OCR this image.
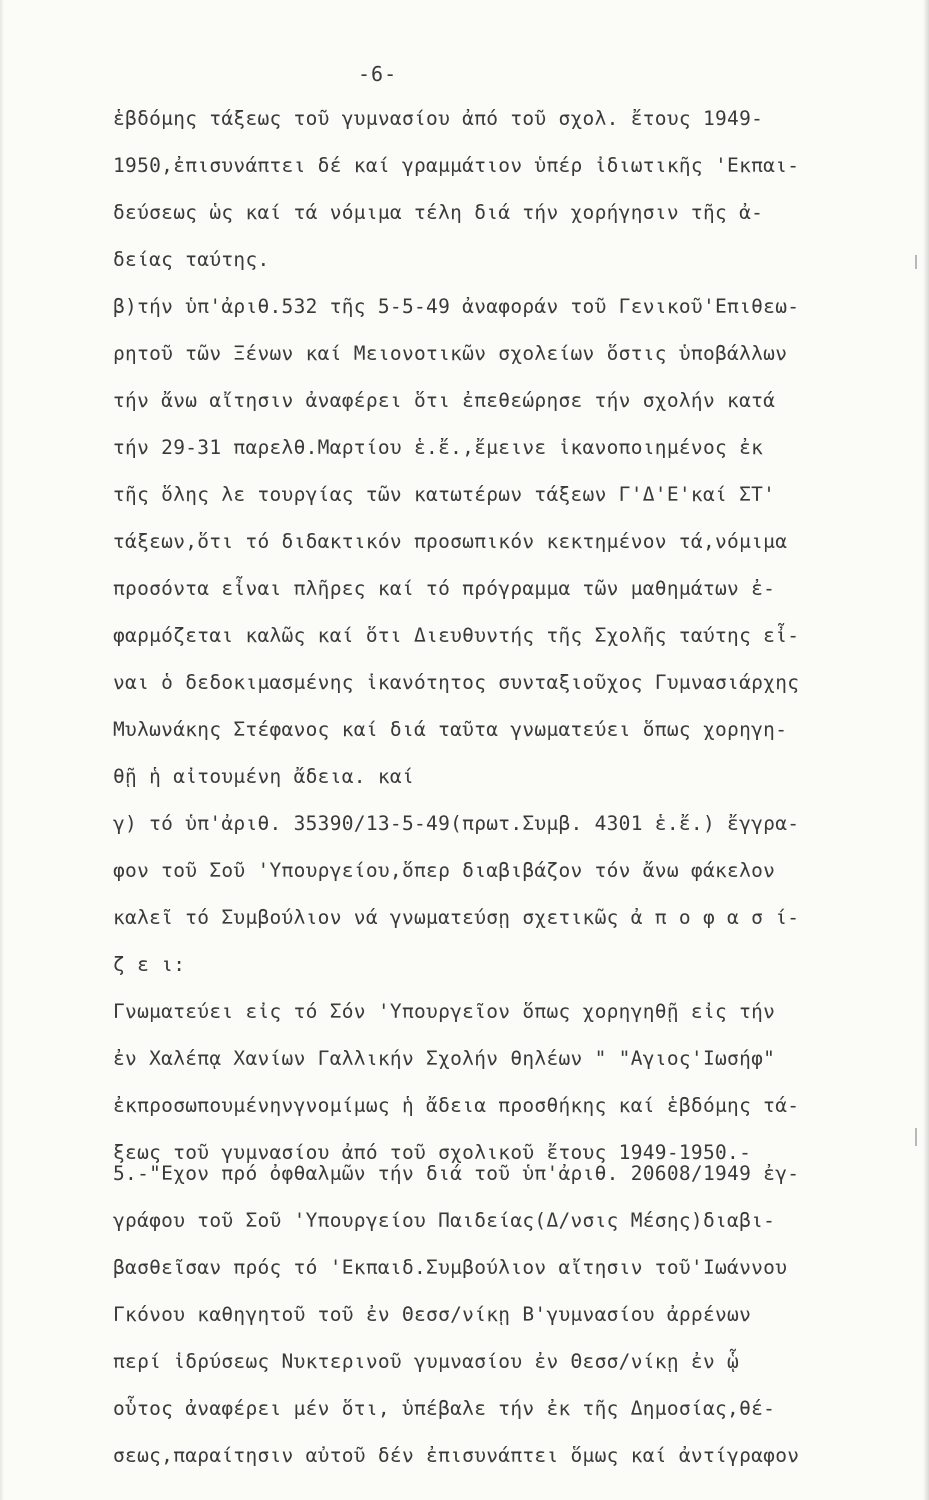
-6-
ἑβδόμης τάξεως τοῦ γυμνασίου ἀπό τοῦ σχολ. ἔτους 1949-
1950,ἐπισυνάπτει δέ καί γραμμάτιον ὑπέρ ἰδιωτικῆς 'Εκπαι-
δεύσεως ὡς καί τά νόμιμα τέλη διά τήν χορήγησιν τῆς ἀ-
δείας ταύτης.
β)τήν ὑπ'ἀριθ.532 τῆς 5-5-49 ἀναφοράν τοῦ Γενικοῦ'Επιθεω-
ρητοῦ τῶν Ξένων καί Μειονοτικῶν σχολείων ὅστις ὑποβάλλων
τήν ἄνω αἴτησιν ἀναφέρει ὅτι ἐπεθεώρησε τήν σχολήν κατά
τήν 29-31 παρελθ.Μαρτίου ἑ.ἔ.,ἔμεινε ἱκανοποιημένος ἐκ
τῆς ὅλης λε τουργίας τῶν κατωτέρων τάξεων Γ'Δ'Ε'καί ΣΤ'
τάξεων,ὅτι τό διδακτικόν προσωπικόν κεκτημένον τά,νόμιμα
προσόντα εἶναι πλῆρες καί τό πρόγραμμα τῶν μαθημάτων ἐ-
φαρμόζεται καλῶς καί ὅτι Διευθυντής τῆς Σχολῆς ταύτης εἶ-
ναι ὁ δεδοκιμασμένης ἱκανότητος συνταξιοῦχος Γυμνασιάρχης
Μυλωνάκης Στέφανος καί διά ταῦτα γνωματεύει ὅπως χορηγη-
θῇ ἡ αἰτουμένη ἄδεια. καί
γ) τό ὑπ'ἀριθ. 35390/13-5-49(πρωτ.Συμβ. 4301 ἑ.ἔ.) ἔγγρα-
φον τοῦ Σοῦ 'Υπουργείου,ὅπερ διαβιβάζον τόν ἄνω φάκελον
καλεῖ τό Συμβούλιον νά γνωματεύσῃ σχετικῶς ἀ π ο φ α σ ί-
ζ ε ι:
Γνωματεύει εἰς τό Σόν 'Υπουργεῖον ὅπως χορηγηθῇ εἰς τήν
ἐν Χαλέπᾳ Χανίων Γαλλικήν Σχολήν θηλέων " "Αγιος'Ιωσήφ"
ἐκπροσωπουμένηνγνομίμως ἡ ἄδεια προσθήκης καί ἑβδόμης τά-
ξεως τοῦ γυμνασίου ἀπό τοῦ σχολικοῦ ἔτους 1949-1950.-
5.-"Εχον πρό ὀφθαλμῶν τήν διά τοῦ ὑπ'ἀριθ. 20608/1949 ἐγ-
γράφου τοῦ Σοῦ 'Υπουργείου Παιδείας(Δ/νσις Μέσης)διαβι-
βασθεῖσαν πρός τό 'Εκπαιδ.Συμβούλιον αἴτησιν τοῦ'Ιωάννου
Γκόνου καθηγητοῦ τοῦ ἐν Θεσσ/νίκῃ Β'γυμνασίου ἀρρένων
περί ἱδρύσεως Νυκτερινοῦ γυμνασίου ἐν Θεσσ/νίκῃ ἐν ᾧ
οὗτος ἀναφέρει μέν ὅτι, ὑπέβαλε τήν ἐκ τῆς Δημοσίας,θέ-
σεως,παραίτησιν αὐτοῦ δέν ἐπισυνάπτει ὅμως καί ἀντίγραφον
